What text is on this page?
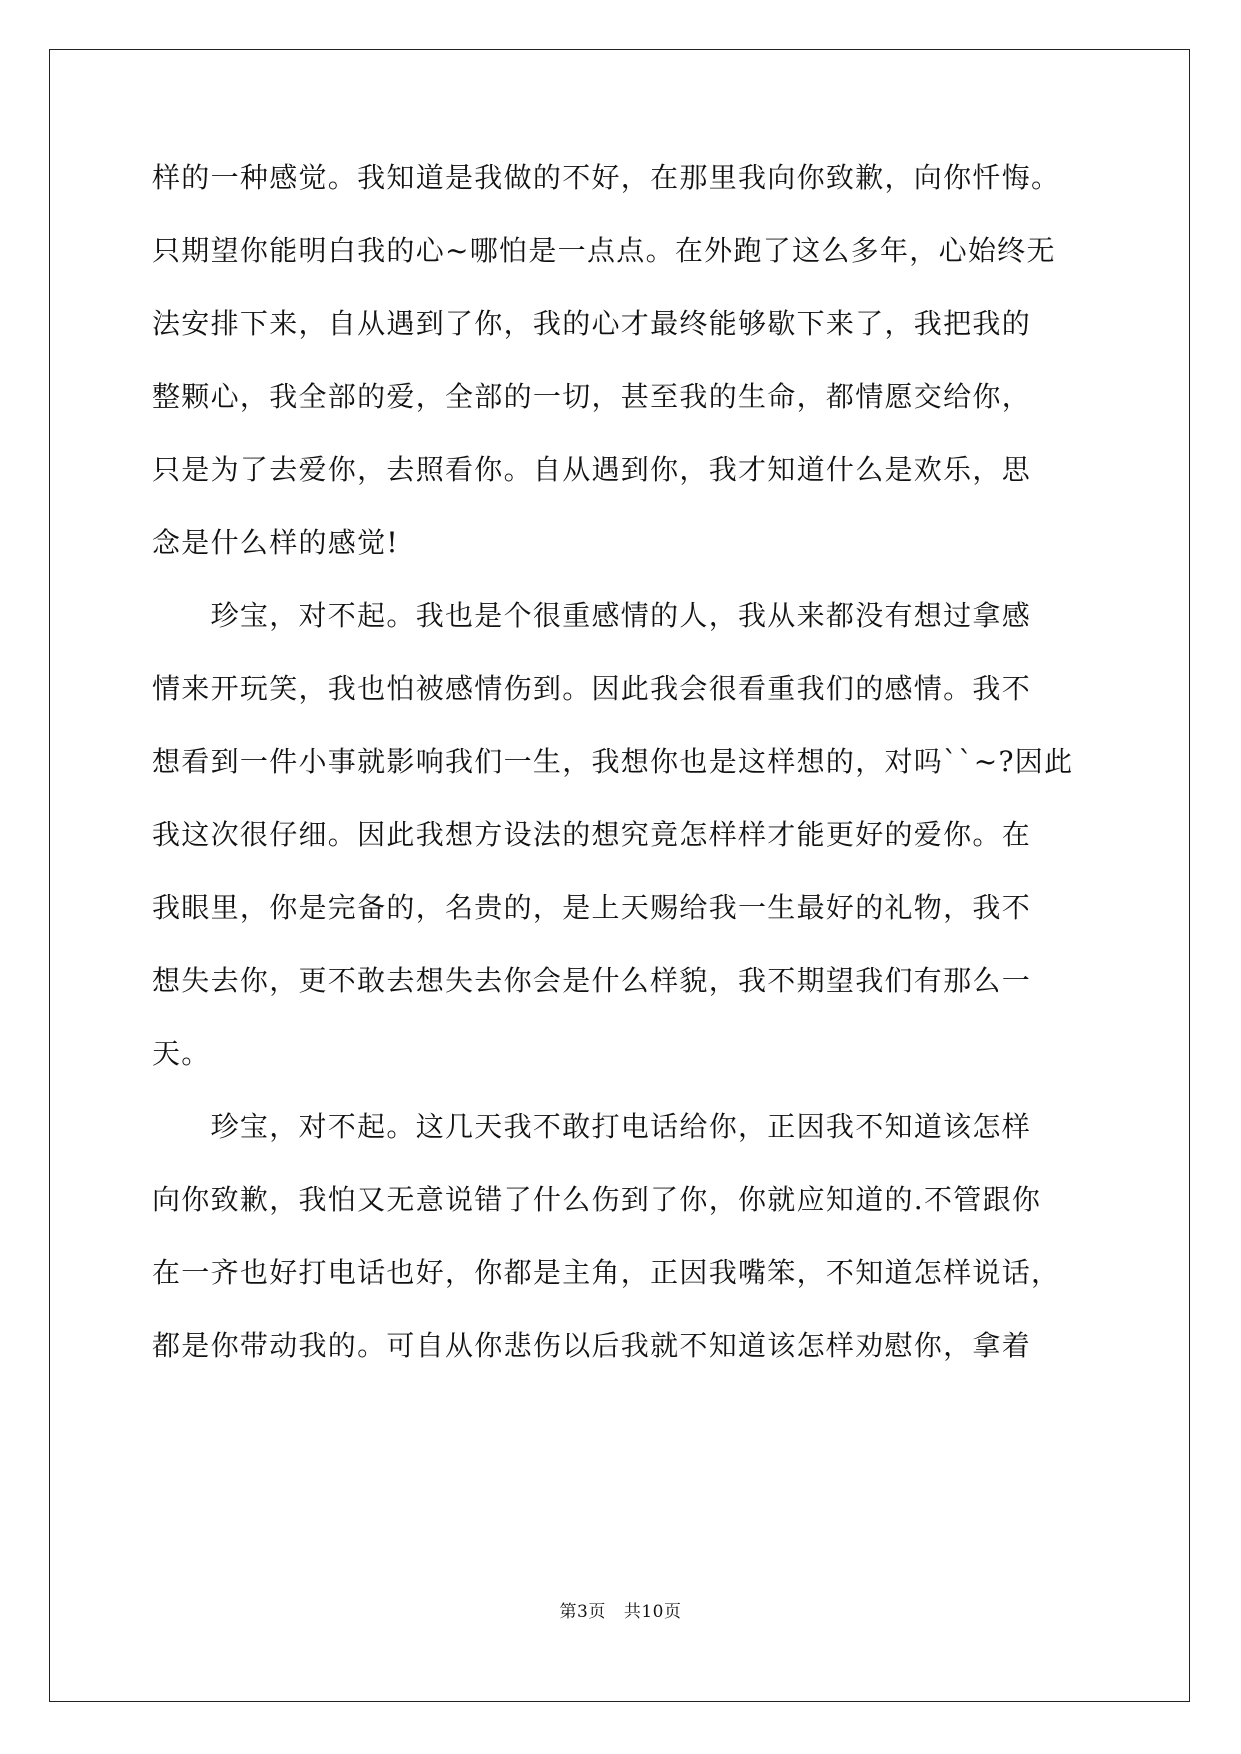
样的一种感觉。我知道是我做的不好，在那里我向你致歉，向你忏悔。
只期望你能明白我的心~哪怕是一点点。在外跑了这么多年，心始终无
法安排下来，自从遇到了你，我的心才最终能够歇下来了，我把我的
整颗心，我全部的爱，全部的一切，甚至我的生命，都情愿交给你，
只是为了去爱你，去照看你。自从遇到你，我才知道什么是欢乐，思
念是什么样的感觉!
　　珍宝，对不起。我也是个很重感情的人，我从来都没有想过拿感
情来开玩笑，我也怕被感情伤到。因此我会很看重我们的感情。我不
想看到一件小事就影响我们一生，我想你也是这样想的，对吗``~?因此
我这次很仔细。因此我想方设法的想究竟怎样样才能更好的爱你。在
我眼里，你是完备的，名贵的，是上天赐给我一生最好的礼物，我不
想失去你，更不敢去想失去你会是什么样貌，我不期望我们有那么一
天。
　　珍宝，对不起。这几天我不敢打电话给你，正因我不知道该怎样
向你致歉，我怕又无意说错了什么伤到了你，你就应知道的.不管跟你
在一齐也好打电话也好，你都是主角，正因我嘴笨，不知道怎样说话，
都是你带动我的。可自从你悲伤以后我就不知道该怎样劝慰你，拿着
第3页 共10页
